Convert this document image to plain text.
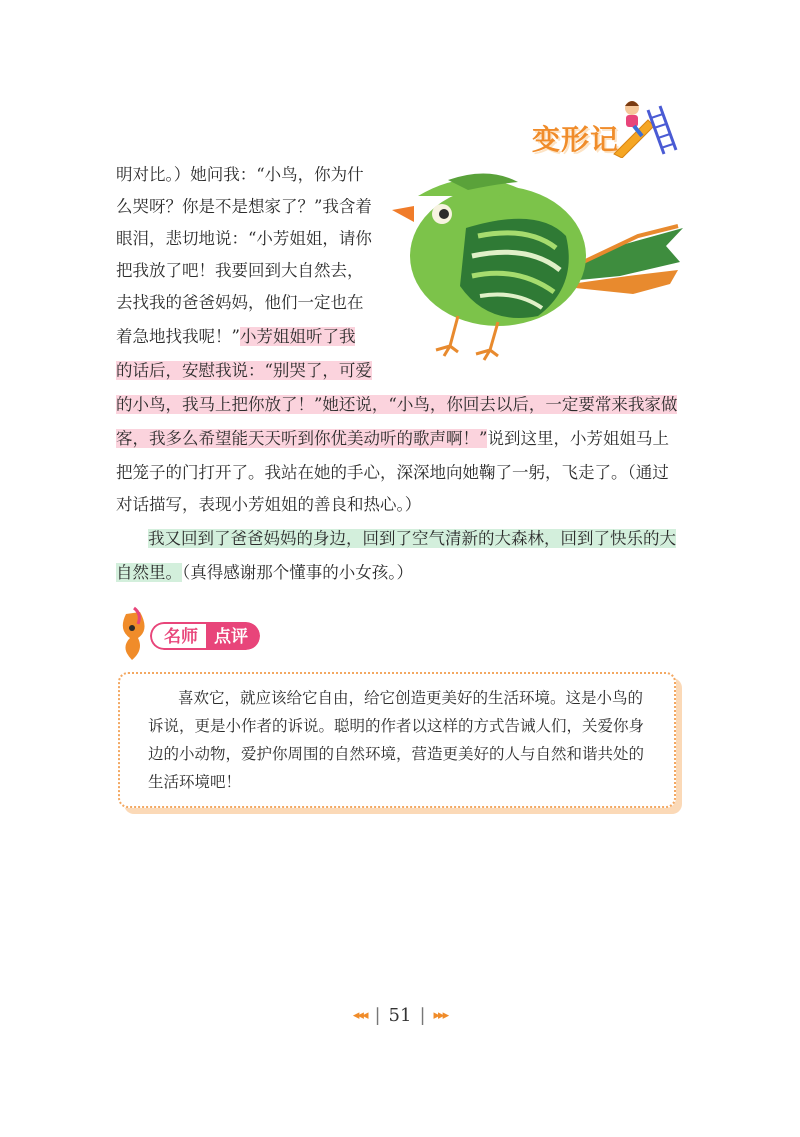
变形记
明对比。）她问我：“小鸟，你为什
么哭呀？你是不是想家了？”我含着
眼泪，悲切地说：“小芳姐姐，请你
把我放了吧！我要回到大自然去，
去找我的爸爸妈妈，他们一定也在
着急地找我呢！”小芳姐姐听了我
的话后，安慰我说：“别哭了，可爱
的小鸟，我马上把你放了！”她还说，“小鸟，你回去以后，一定要常来我家做
客，我多么希望能天天听到你优美动听的歌声啊！”说到这里，小芳姐姐马上
把笼子的门打开了。我站在她的手心，深深地向她鞠了一躬，飞走了。（通过
对话描写，表现小芳姐姐的善良和热心。）
我又回到了爸爸妈妈的身边，回到了空气清新的大森林，回到了快乐的大
自然里。（真得感谢那个懂事的小女孩。）
名师 点评
喜欢它，就应该给它自由，给它创造更美好的生活环境。这是小鸟的
诉说，更是小作者的诉说。聪明的作者以这样的方式告诫人们，关爱你身
边的小动物，爱护你周围的自然环境，营造更美好的人与自然和谐共处的
生活环境吧！
◂◂◂ | 51 | ▸▸▸
